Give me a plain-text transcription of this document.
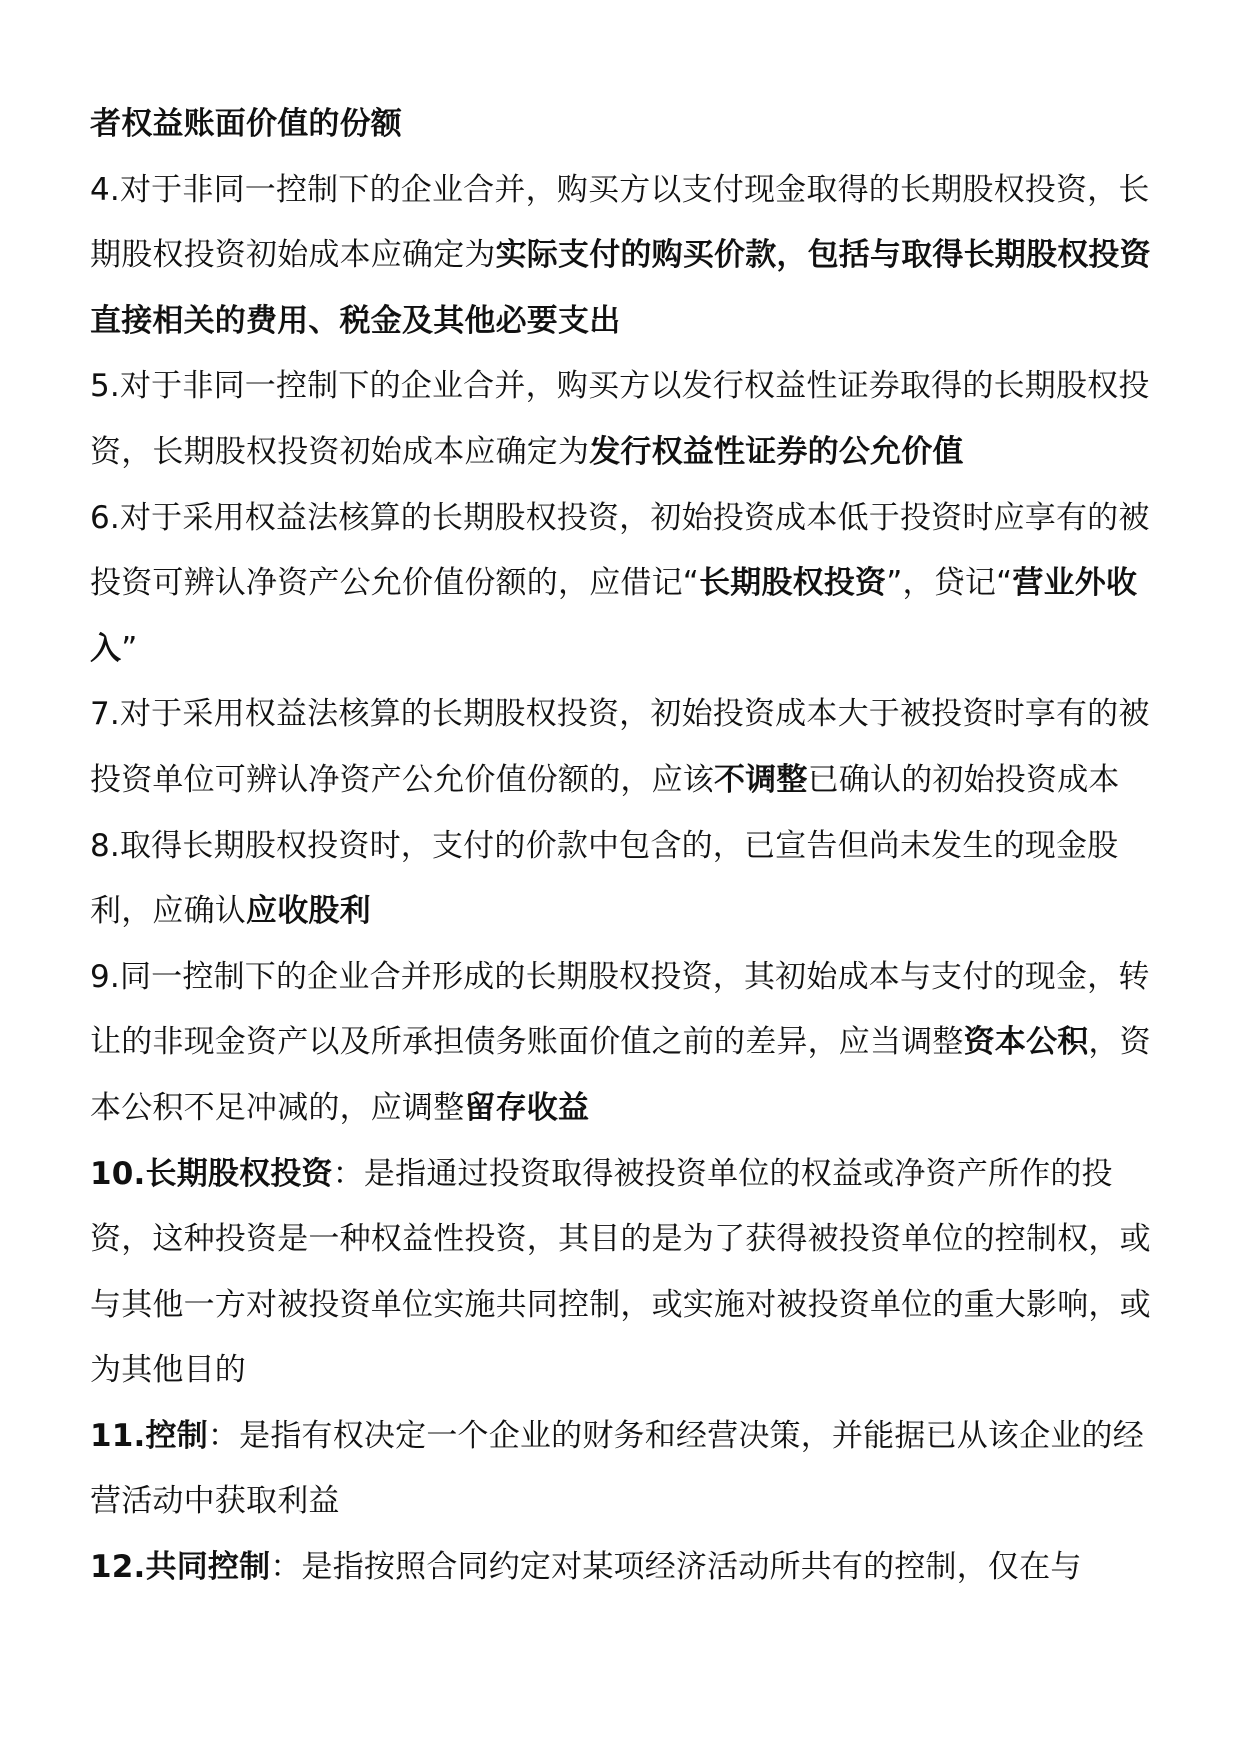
者权益账面价值的份额

4.对于非同一控制下的企业合并，购买方以支付现金取得的长期股权投资，长期股权投资初始成本应确定为实际支付的购买价款，包括与取得长期股权投资直接相关的费用、税金及其他必要支出

5.对于非同一控制下的企业合并，购买方以发行权益性证券取得的长期股权投资，长期股权投资初始成本应确定为发行权益性证券的公允价值

6.对于采用权益法核算的长期股权投资，初始投资成本低于投资时应享有的被投资可辨认净资产公允价值份额的，应借记“长期股权投资”，贷记“营业外收入”

7.对于采用权益法核算的长期股权投资，初始投资成本大于被投资时享有的被投资单位可辨认净资产公允价值份额的，应该不调整已确认的初始投资成本

8.取得长期股权投资时，支付的价款中包含的，已宣告但尚未发生的现金股利，应确认应收股利

9.同一控制下的企业合并形成的长期股权投资，其初始成本与支付的现金，转让的非现金资产以及所承担债务账面价值之前的差异，应当调整资本公积，资本公积不足冲减的，应调整留存收益

10.长期股权投资：是指通过投资取得被投资单位的权益或净资产所作的投资，这种投资是一种权益性投资，其目的是为了获得被投资单位的控制权，或与其他一方对被投资单位实施共同控制，或实施对被投资单位的重大影响，或为其他目的

11.控制：是指有权决定一个企业的财务和经营决策，并能据已从该企业的经营活动中获取利益

12.共同控制：是指按照合同约定对某项经济活动所共有的控制，仅在与
